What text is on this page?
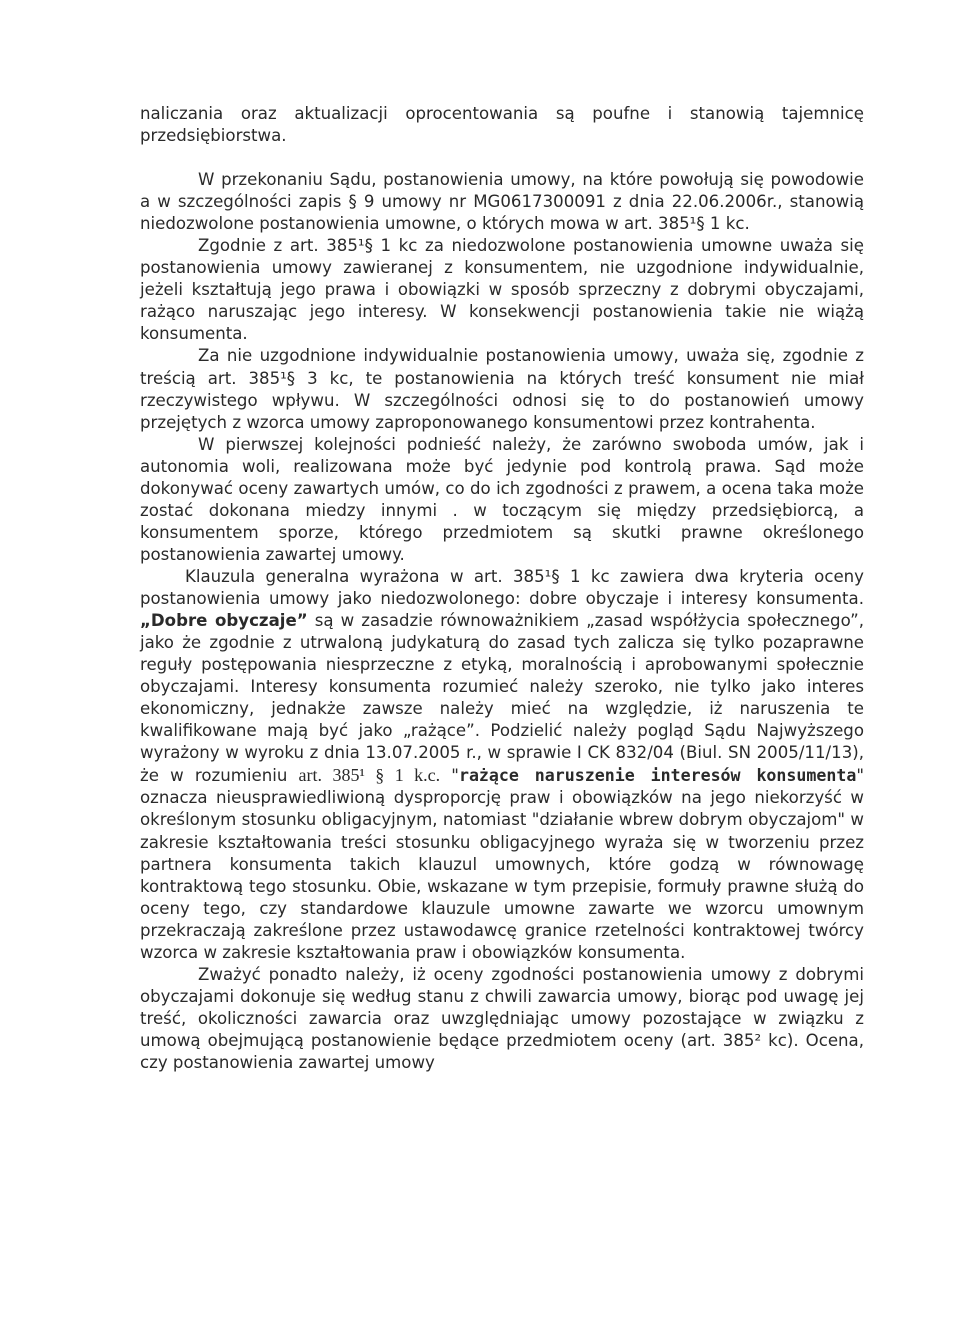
naliczania oraz aktualizacji oprocentowania są poufne i stanowią tajemnicę przedsiębiorstwa.

W przekonaniu Sądu, postanowienia umowy, na które powołują się powodowie a w szczególności zapis § 9 umowy nr MG0617300091 z dnia 22.06.2006r., stanowią niedozwolone postanowienia umowne, o których mowa w art. 385¹§ 1 kc.

Zgodnie z art. 385¹§ 1 kc za niedozwolone postanowienia umowne uważa się postanowienia umowy zawieranej z konsumentem, nie uzgodnione indywidualnie, jeżeli kształtują jego prawa i obowiązki w sposób sprzeczny z dobrymi obyczajami, rażąco naruszając jego interesy. W konsekwencji postanowienia takie nie wiążą konsumenta.

Za nie uzgodnione indywidualnie postanowienia umowy, uważa się, zgodnie z treścią art. 385¹§ 3 kc, te postanowienia na których treść konsument nie miał rzeczywistego wpływu. W szczególności odnosi się to do postanowień umowy przejętych z wzorca umowy zaproponowanego konsumentowi przez kontrahenta.

W pierwszej kolejności podnieść należy, że zarówno swoboda umów, jak i autonomia woli, realizowana może być jedynie pod kontrolą prawa. Sąd może dokonywać oceny zawartych umów, co do ich zgodności z prawem, a ocena taka może zostać dokonana miedzy innymi . w toczącym się między przedsiębiorcą, a konsumentem sporze, którego przedmiotem są skutki prawne określonego postanowienia zawartej umowy.

Klauzula generalna wyrażona w art. 385¹§ 1 kc zawiera dwa kryteria oceny postanowienia umowy jako niedozwolonego: dobre obyczaje i interesy konsumenta. „Dobre obyczaje” są w zasadzie równoważnikiem „zasad współżycia społecznego”, jako że zgodnie z utrwaloną judykaturą do zasad tych zalicza się tylko pozaprawne reguły postępowania niesprzeczne z etyką, moralnością i aprobowanymi społecznie obyczajami. Interesy konsumenta rozumieć należy szeroko, nie tylko jako interes ekonomiczny, jednakże zawsze należy mieć na względzie, iż naruszenia te kwalifikowane mają być jako „rażące”. Podzielić należy pogląd Sądu Najwyższego wyrażony w wyroku z dnia 13.07.2005 r., w sprawie I CK 832/04 (Biul. SN 2005/11/13), że w rozumieniu art. 385¹ § 1 k.c. "rażące naruszenie interesów konsumenta" oznacza nieusprawiedliwioną dysproporcję praw i obowiązków na jego niekorzyść w określonym stosunku obligacyjnym, natomiast "działanie wbrew dobrym obyczajom" w zakresie kształtowania treści stosunku obligacyjnego wyraża się w tworzeniu przez partnera konsumenta takich klauzul umownych, które godzą w równowagę kontraktową tego stosunku. Obie, wskazane w tym przepisie, formuły prawne służą do oceny tego, czy standardowe klauzule umowne zawarte we wzorcu umownym przekraczają zakreślone przez ustawodawcę granice rzetelności kontraktowej twórcy wzorca w zakresie kształtowania praw i obowiązków konsumenta.

Zważyć ponadto należy, iż oceny zgodności postanowienia umowy z dobrymi obyczajami dokonuje się według stanu z chwili zawarcia umowy, biorąc pod uwagę jej treść, okoliczności zawarcia oraz uwzględniając umowy pozostające w związku z umową obejmującą postanowienie będące przedmiotem oceny (art. 385² kc). Ocena, czy postanowienia zawartej umowy
